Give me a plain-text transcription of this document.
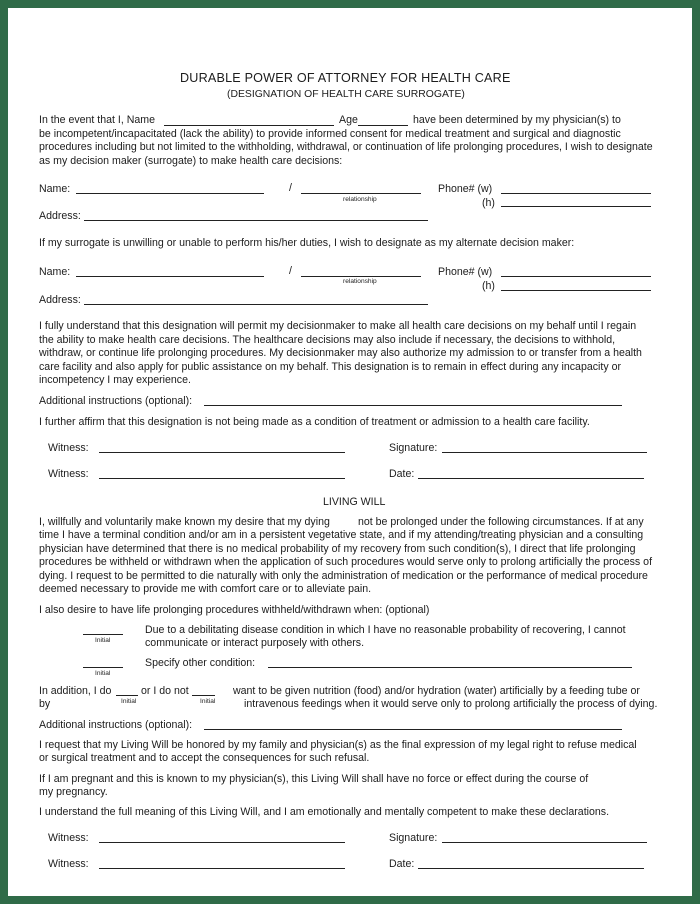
DURABLE POWER OF ATTORNEY FOR HEALTH CARE
(DESIGNATION OF HEALTH CARE SURROGATE)
In the event that I, Name	Age	have been determined by my physician(s) to
be incompetent/incapacitated (lack the ability) to provide informed consent for medical treatment and surgical and diagnostic
procedures including but not limited to the withholding, withdrawal, or continuation of life prolonging procedures, I wish to designate
as my decision maker (surrogate) to make health care decisions:
Name:	/
relationship
Phone# (w)
(h)
Address:
If my surrogate is unwilling or unable to perform his/her duties, I wish to designate as my alternate decision maker:
Name:	/
relationship
Phone# (w)
(h)
Address:
I fully understand that this designation will permit my decisionmaker to make all health care decisions on my behalf until I regain
the ability to make health care decisions. The healthcare decisions may also include if necessary, the decisions to withhold,
withdraw, or continue life prolonging procedures. My decisionmaker may also authorize my admission to or transfer from a health
care facility and also apply for public assistance on my behalf. This designation is to remain in effect during any incapacity or
incompetency I may experience.
Additional instructions (optional):
I further affirm that this designation is not being made as a condition of treatment or admission to a health care facility.
Witness:	Signature:
Witness:	Date:
LIVING WILL
I, willfully and voluntarily make known my desire that my dying	not be prolonged under the following circumstances. If at any
time I have a terminal condition and/or am in a persistent vegetative state, and if my attending/treating physician and a consulting
physician have determined that there is no medical probability of my recovery from such condition(s), I direct that life prolonging
procedures be withheld or withdrawn when the application of such procedures would serve only to prolong artificially the process of
dying. I request to be permitted to die naturally with only the administration of medication or the performance of medical procedure
deemed necessary to provide me with comfort care or to alleviate pain.
I also desire to have life prolonging procedures withheld/withdrawn when: (optional)
Initial
Due to a debilitating disease condition in which I have no reasonable probability of recovering, I cannot
communicate or interact purposely with others.
Initial
Specify other condition:
In addition, I do
Initial
or I do not
Initial
want to be given nutrition (food) and/or hydration (water) artificially by a feeding tube or
by	intravenous feedings when it would serve only to prolong artificially the process of dying.
Additional instructions (optional):
I request that my Living Will be honored by my family and physician(s) as the final expression of my legal right to refuse medical
or surgical treatment and to accept the consequences for such refusal.
If I am pregnant and this is known to my physician(s), this Living Will shall have no force or effect during the course of
my pregnancy.
I understand the full meaning of this Living Will, and I am emotionally and mentally competent to make these declarations.
Witness:	Signature:
Witness:	Date:
